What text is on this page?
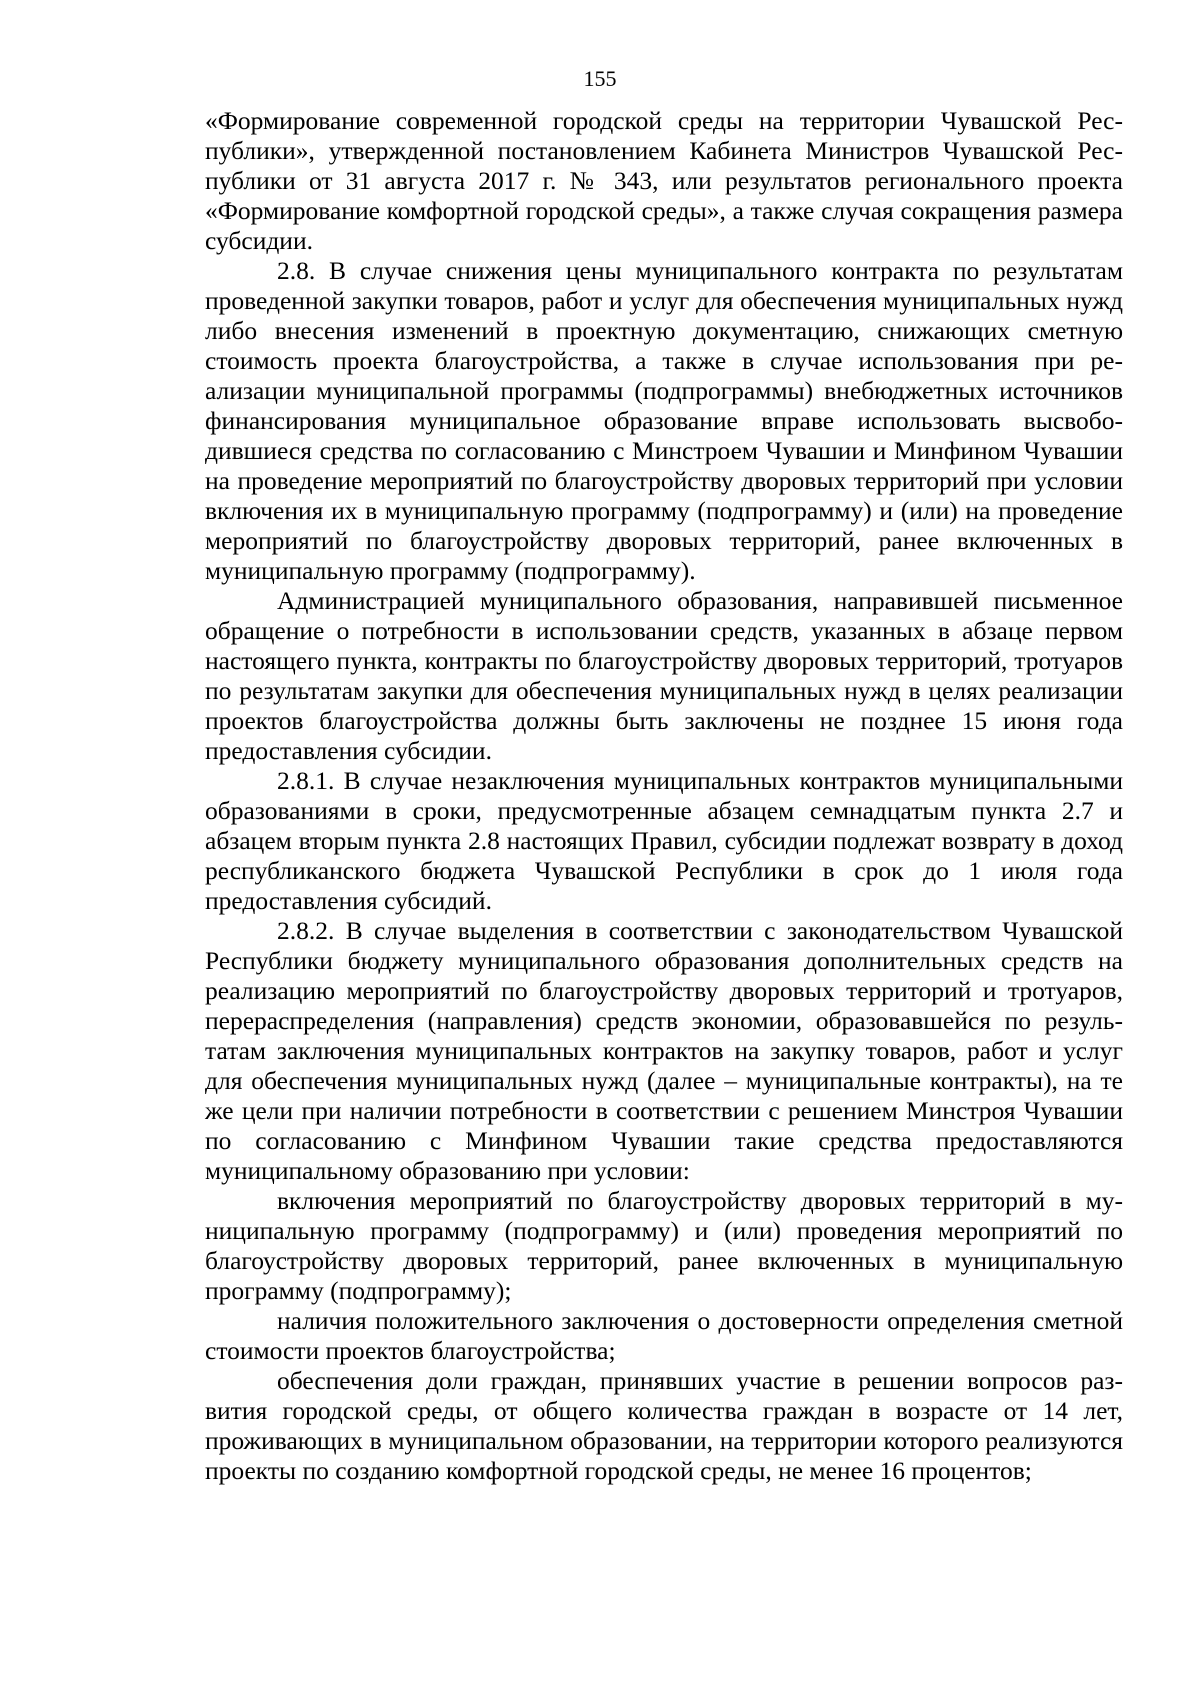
155

«Формирование современной городской среды на территории Чувашской Республики», утвержденной постановлением Кабинета Министров Чувашской Республики от 31 августа 2017 г. № 343, или результатов регионального проекта «Формирование комфортной городской среды», а также случая сокращения размера субсидии.

2.8. В случае снижения цены муниципального контракта по результатам проведенной закупки товаров, работ и услуг для обеспечения муниципальных нужд либо внесения изменений в проектную документацию, снижающих сметную стоимость проекта благоустройства, а также в случае использования при реализации муниципальной программы (подпрограммы) внебюджетных источников финансирования муниципальное образование вправе использовать высвободившиеся средства по согласованию с Минстроем Чувашии и Минфином Чувашии на проведение мероприятий по благоустройству дворовых территорий при условии включения их в муниципальную программу (подпрограмму) и (или) на проведение мероприятий по благоустройству дворовых территорий, ранее включенных в муниципальную программу (подпрограмму).

Администрацией муниципального образования, направившей письменное обращение о потребности в использовании средств, указанных в абзаце первом настоящего пункта, контракты по благоустройству дворовых территорий, тротуаров по результатам закупки для обеспечения муниципальных нужд в целях реализации проектов благоустройства должны быть заключены не позднее 15 июня года предоставления субсидии.

2.8.1. В случае незаключения муниципальных контрактов муниципальными образованиями в сроки, предусмотренные абзацем семнадцатым пункта 2.7 и абзацем вторым пункта 2.8 настоящих Правил, субсидии подлежат возврату в доход республиканского бюджета Чувашской Республики в срок до 1 июля года предоставления субсидий.

2.8.2. В случае выделения в соответствии с законодательством Чувашской Республики бюджету муниципального образования дополнительных средств на реализацию мероприятий по благоустройству дворовых территорий и тротуаров, перераспределения (направления) средств экономии, образовавшейся по результатам заключения муниципальных контрактов на закупку товаров, работ и услуг для обеспечения муниципальных нужд (далее – муниципальные контракты), на те же цели при наличии потребности в соответствии с решением Минстроя Чувашии по согласованию с Минфином Чувашии такие средства предоставляются муниципальному образованию при условии:

включения мероприятий по благоустройству дворовых территорий в муниципальную программу (подпрограмму) и (или) проведения мероприятий по благоустройству дворовых территорий, ранее включенных в муниципальную программу (подпрограмму);

наличия положительного заключения о достоверности определения сметной стоимости проектов благоустройства;

обеспечения доли граждан, принявших участие в решении вопросов развития городской среды, от общего количества граждан в возрасте от 14 лет, проживающих в муниципальном образовании, на территории которого реализуются проекты по созданию комфортной городской среды, не менее 16 процентов;
